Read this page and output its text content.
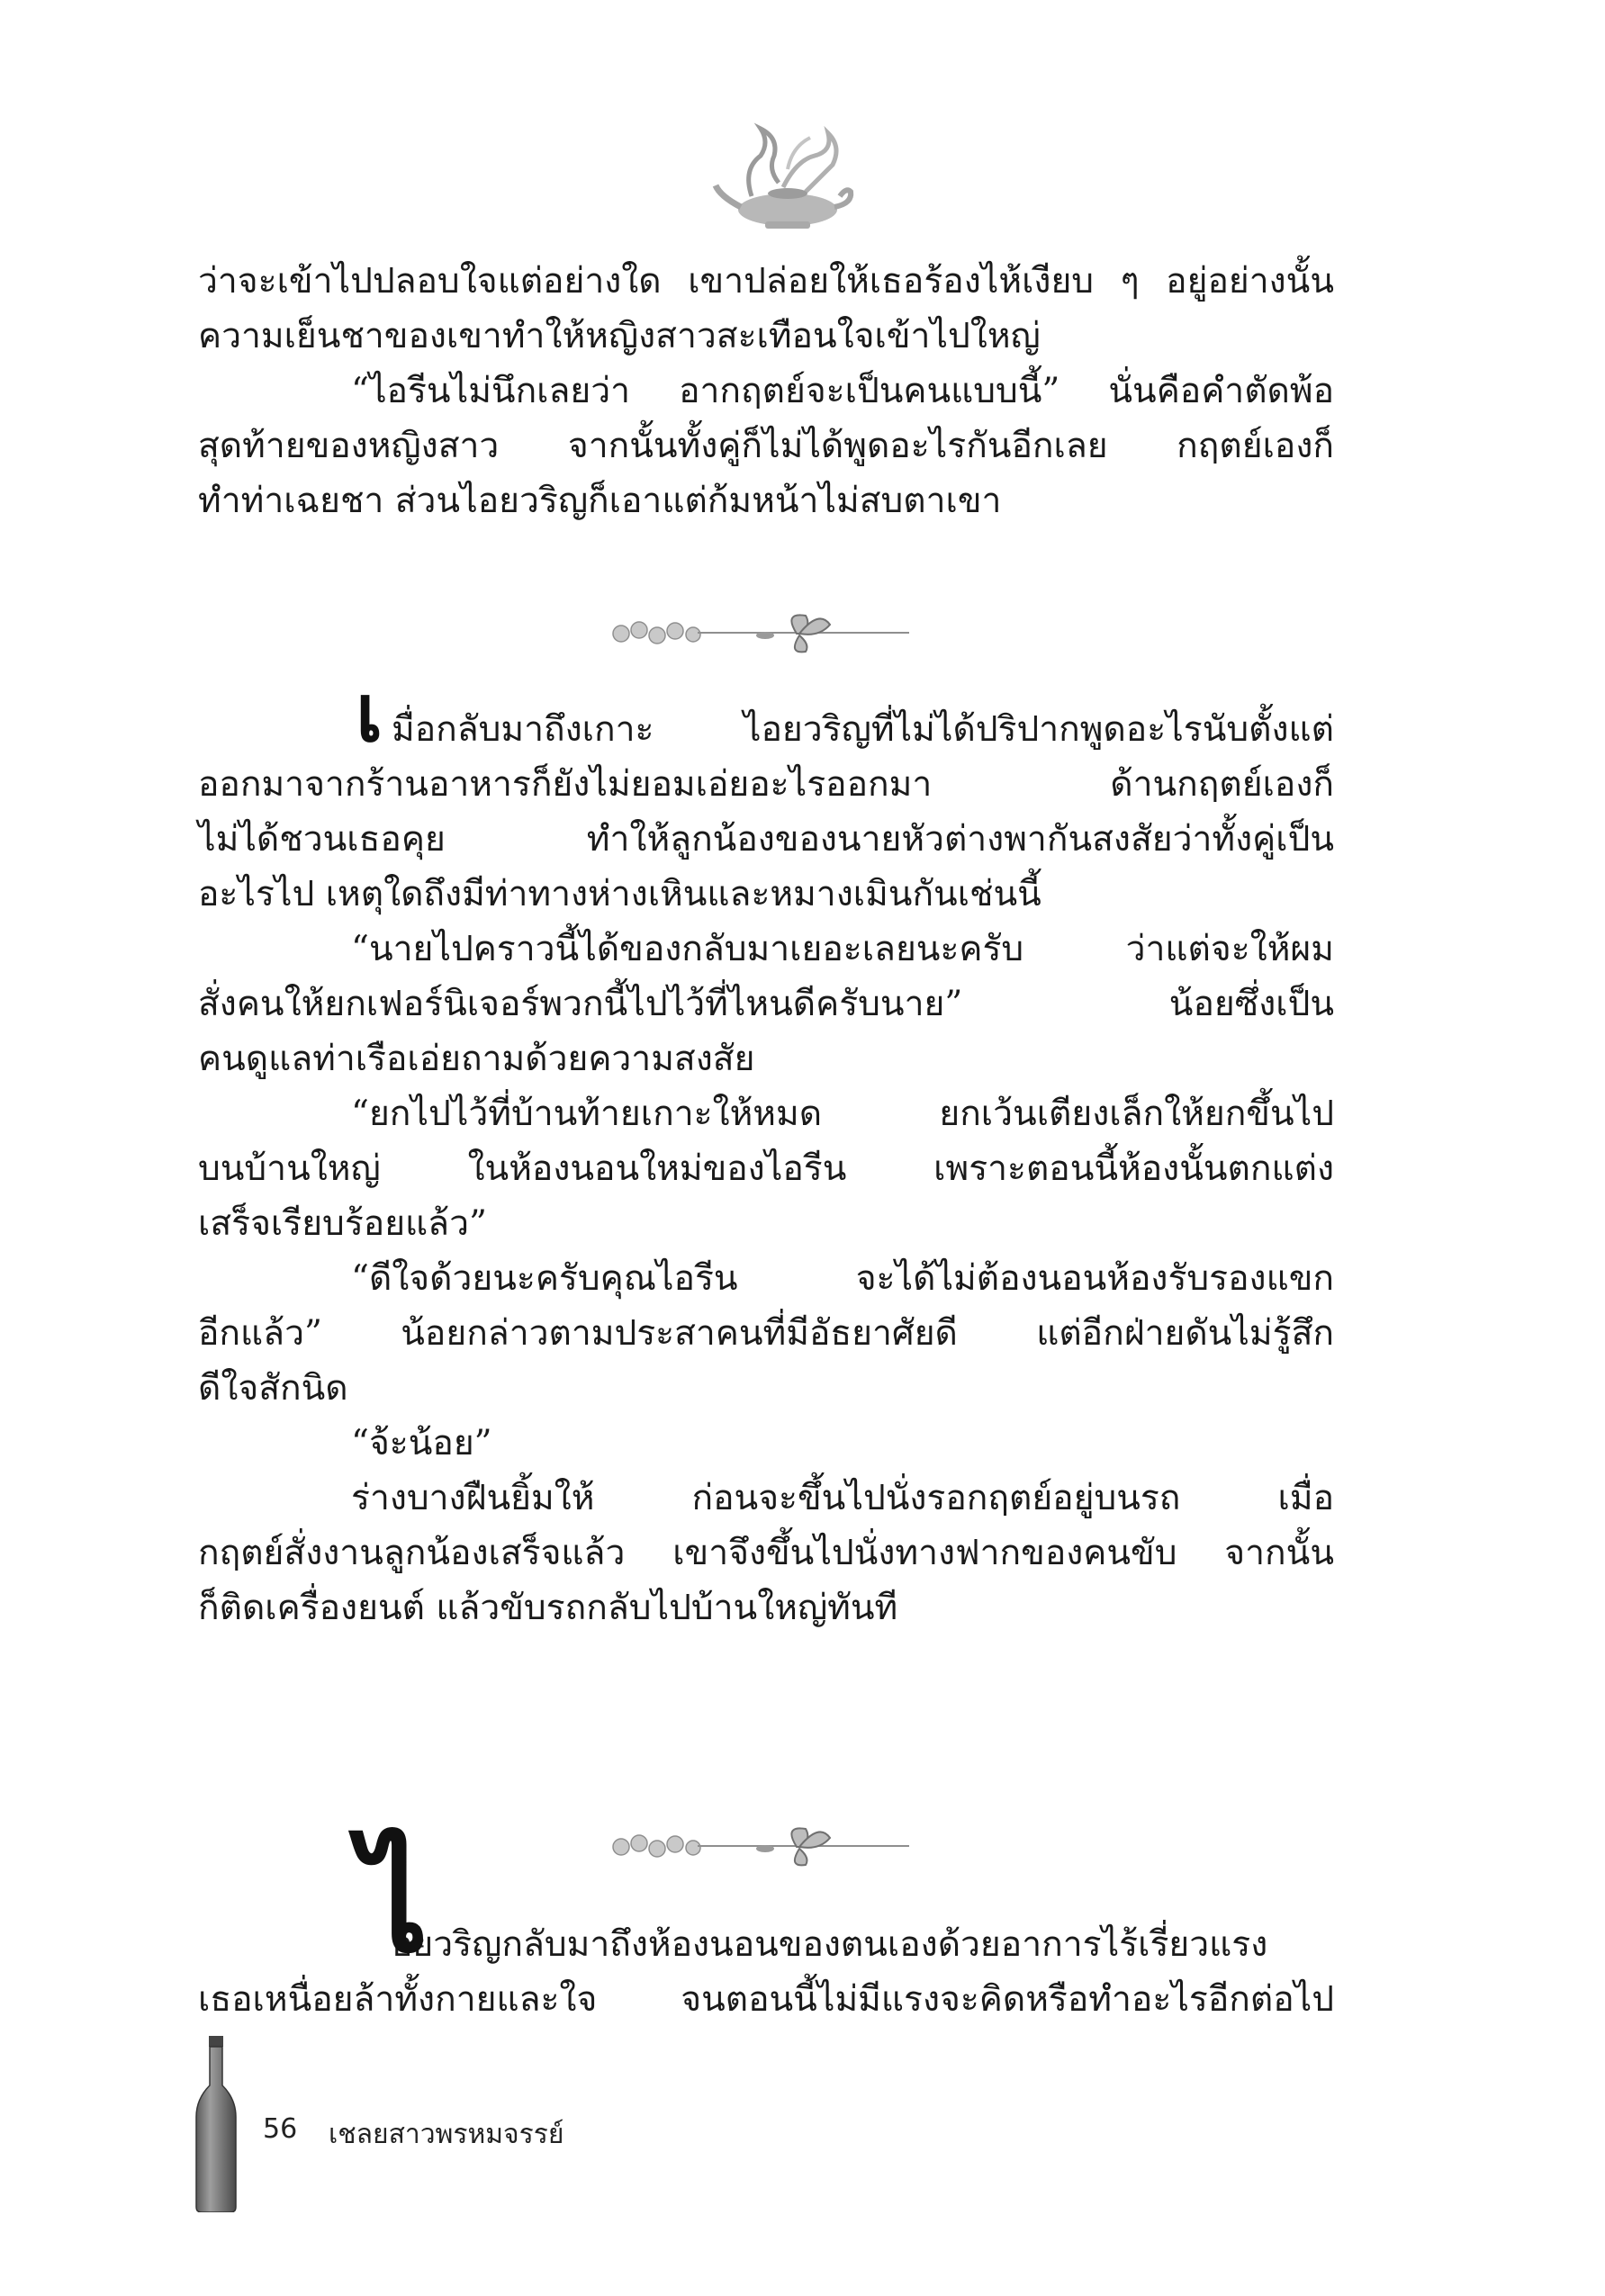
ว่าจะเข้าไปปลอบใจแต่อย่างใด เขาปล่อยให้เธอร้องไห้เงียบ ๆ อยู่อย่างนั้น
ความเย็นชาของเขาทำให้หญิงสาวสะเทือนใจเข้าไปใหญ่
“ไอรีนไม่นึกเลยว่า อากฤตย์จะเป็นคนแบบนี้” นั่นคือคำตัดพ้อ
สุดท้ายของหญิงสาว จากนั้นทั้งคู่ก็ไม่ได้พูดอะไรกันอีกเลย กฤตย์เองก็
ทำท่าเฉยชา ส่วนไอยวริญก็เอาแต่ก้มหน้าไม่สบตาเขา
เ มื่อกลับมาถึงเกาะ ไอยวริญที่ไม่ได้ปริปากพูดอะไรนับตั้งแต่
ออกมาจากร้านอาหารก็ยังไม่ยอมเอ่ยอะไรออกมา ด้านกฤตย์เองก็
ไม่ได้ชวนเธอคุย ทำให้ลูกน้องของนายหัวต่างพากันสงสัยว่าทั้งคู่เป็น
อะไรไป เหตุใดถึงมีท่าทางห่างเหินและหมางเมินกันเช่นนี้
“นายไปคราวนี้ได้ของกลับมาเยอะเลยนะครับ ว่าแต่จะให้ผม
สั่งคนให้ยกเฟอร์นิเจอร์พวกนี้ไปไว้ที่ไหนดีครับนาย” น้อยซึ่งเป็น
คนดูแลท่าเรือเอ่ยถามด้วยความสงสัย
“ยกไปไว้ที่บ้านท้ายเกาะให้หมด ยกเว้นเตียงเล็กให้ยกขึ้นไป
บนบ้านใหญ่ ในห้องนอนใหม่ของไอรีน เพราะตอนนี้ห้องนั้นตกแต่ง
เสร็จเรียบร้อยแล้ว”
“ดีใจด้วยนะครับคุณไอรีน จะได้ไม่ต้องนอนห้องรับรองแขก
อีกแล้ว” น้อยกล่าวตามประสาคนที่มีอัธยาศัยดี แต่อีกฝ่ายดันไม่รู้สึก
ดีใจสักนิด
“จ้ะน้อย”
ร่างบางฝืนยิ้มให้ ก่อนจะขึ้นไปนั่งรอกฤตย์อยู่บนรถ เมื่อ
กฤตย์สั่งงานลูกน้องเสร็จแล้ว เขาจึงขึ้นไปนั่งทางฟากของคนขับ จากนั้น
ก็ติดเครื่องยนต์ แล้วขับรถกลับไปบ้านใหญ่ทันที
ไ
อยวริญกลับมาถึงห้องนอนของตนเองด้วยอาการไร้เรี่ยวแรง
เธอเหนื่อยล้าทั้งกายและใจ จนตอนนี้ไม่มีแรงจะคิดหรือทำอะไรอีกต่อไป
56 เชลยสาวพรหมจรรย์
